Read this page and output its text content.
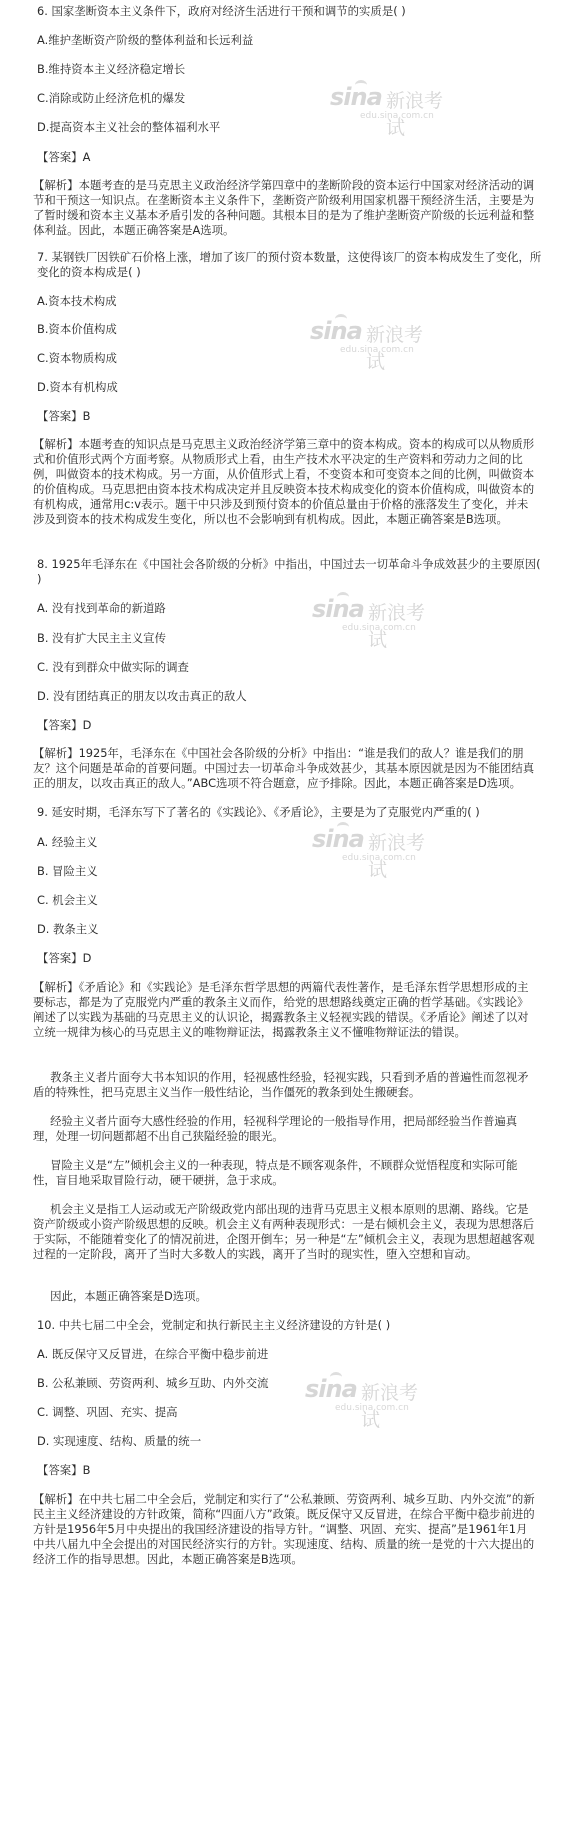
6. 国家垄断资本主义条件下，政府对经济生活进行干预和调节的实质是( )

A.维护垄断资产阶级的整体利益和长远利益

B.维持资本主义经济稳定增长

C.消除或防止经济危机的爆发

D.提高资本主义社会的整体福利水平

【答案】A

【解析】本题考查的是马克思主义政治经济学第四章中的垄断阶段的资本运行中国家对经济活动的调节和干预这一知识点。在垄断资本主义条件下，垄断资产阶级利用国家机器干预经济生活，主要是为了暂时缓和资本主义基本矛盾引发的各种问题。其根本目的是为了维护垄断资产阶级的长远利益和整体利益。因此，本题正确答案是A选项。

7. 某钢铁厂因铁矿石价格上涨，增加了该厂的预付资本数量，这使得该厂的资本构成发生了变化，所变化的资本构成是( )

A.资本技术构成

B.资本价值构成

C.资本物质构成

D.资本有机构成

【答案】B

【解析】本题考查的知识点是马克思主义政治经济学第三章中的资本构成。资本的构成可以从物质形式和价值形式两个方面考察。从物质形式上看，由生产技术水平决定的生产资料和劳动力之间的比例，叫做资本的技术构成。另一方面，从价值形式上看，不变资本和可变资本之间的比例，叫做资本的价值构成。马克思把由资本技术构成决定并且反映资本技术构成变化的资本价值构成，叫做资本的有机构成，通常用c:v表示。题干中只涉及到预付资本的价值总量由于价格的涨落发生了变化，并未涉及到资本的技术构成发生变化，所以也不会影响到有机构成。因此，本题正确答案是B选项。

8. 1925年毛泽东在《中国社会各阶级的分析》中指出，中国过去一切革命斗争成效甚少的主要原因( )

A. 没有找到革命的新道路

B. 没有扩大民主主义宣传

C. 没有到群众中做实际的调查

D. 没有团结真正的朋友以攻击真正的敌人

【答案】D

【解析】1925年，毛泽东在《中国社会各阶级的分析》中指出：“谁是我们的敌人？谁是我们的朋友？这个问题是革命的首要问题。中国过去一切革命斗争成效甚少，其基本原因就是因为不能团结真正的朋友，以攻击真正的敌人。”ABC选项不符合题意，应予排除。因此，本题正确答案是D选项。

9. 延安时期，毛泽东写下了著名的《实践论》、《矛盾论》，主要是为了克服党内严重的( )

A. 经验主义

B. 冒险主义

C. 机会主义

D. 教条主义

【答案】D

【解析】《矛盾论》和《实践论》是毛泽东哲学思想的两篇代表性著作，是毛泽东哲学思想形成的主要标志，都是为了克服党内严重的教条主义而作，给党的思想路线奠定正确的哲学基础。《实践论》阐述了以实践为基础的马克思主义的认识论，揭露教条主义轻视实践的错误。《矛盾论》阐述了以对立统一规律为核心的马克思主义的唯物辩证法，揭露教条主义不懂唯物辩证法的错误。

教条主义者片面夸大书本知识的作用，轻视感性经验，轻视实践，只看到矛盾的普遍性而忽视矛盾的特殊性，把马克思主义当作一般性结论，当作僵死的教条到处生搬硬套。

经验主义者片面夸大感性经验的作用，轻视科学理论的一般指导作用，把局部经验当作普遍真理，处理一切问题都超不出自己狭隘经验的眼光。

冒险主义是“左”倾机会主义的一种表现，特点是不顾客观条件，不顾群众觉悟程度和实际可能性，盲目地采取冒险行动，硬干硬拼，急于求成。

机会主义是指工人运动或无产阶级政党内部出现的违背马克思主义根本原则的思潮、路线。它是资产阶级或小资产阶级思想的反映。机会主义有两种表现形式：一是右倾机会主义，表现为思想落后于实际，不能随着变化了的情况前进，企图开倒车；另一种是“左”倾机会主义，表现为思想超越客观过程的一定阶段，离开了当时大多数人的实践，离开了当时的现实性，堕入空想和盲动。

因此，本题正确答案是D选项。

10. 中共七届二中全会，党制定和执行新民主主义经济建设的方针是( )

A. 既反保守又反冒进，在综合平衡中稳步前进

B. 公私兼顾、劳资两利、城乡互助、内外交流

C. 调整、巩固、充实、提高

D. 实现速度、结构、质量的统一

【答案】B

【解析】在中共七届二中全会后，党制定和实行了“公私兼顾、劳资两利、城乡互助、内外交流”的新民主主义经济建设的方针政策，简称“四面八方”政策。既反保守又反冒进，在综合平衡中稳步前进的方针是1956年5月中央提出的我国经济建设的指导方针。“调整、巩固、充实、提高”是1961年1月中共八届九中全会提出的对国民经济实行的方针。实现速度、结构、质量的统一是党的十六大提出的经济工作的指导思想。因此，本题正确答案是B选项。

sina 新浪考试
edu.sina.com.cn
sina 新浪考试
edu.sina.com.cn
sina 新浪考试
edu.sina.com.cn
sina 新浪考试
edu.sina.com.cn
sina 新浪考试
edu.sina.com.cn
